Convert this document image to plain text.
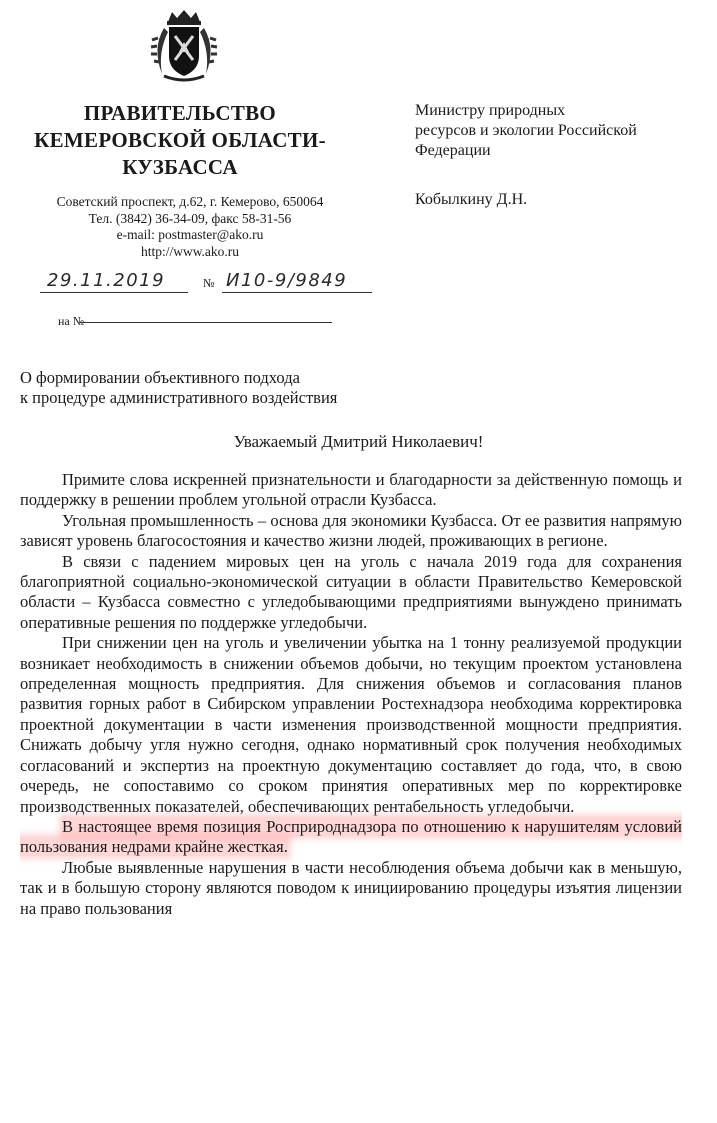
ПРАВИТЕЛЬСТВО
КЕМЕРОВСКОЙ ОБЛАСТИ-
КУЗБАССА
Советский проспект, д.62, г. Кемерово, 650064
Тел. (3842) 36-34-09, факс 58-31-56
e-mail: postmaster@ako.ru
http://www.ako.ru
Министру природных
ресурсов и экологии Российской
Федерации
Кобылкину Д.Н.
29.11.2019	№ И10-9/9849
на №
О формировании объективного подхода
к процедуре административного воздействия
Уважаемый Дмитрий Николаевич!

Примите слова искренней признательности и благодарности за действенную помощь и поддержку в решении проблем угольной отрасли Кузбасса.

Угольная промышленность – основа для экономики Кузбасса. От ее развития напрямую зависят уровень благосостояния и качество жизни людей, проживающих в регионе.

В связи с падением мировых цен на уголь с начала 2019 года для сохранения благоприятной социально-экономической ситуации в области Правительство Кемеровской области – Кузбасса совместно с угледобывающими предприятиями вынуждено принимать оперативные решения по поддержке угледобычи.

При снижении цен на уголь и увеличении убытка на 1 тонну реализуемой продукции возникает необходимость в снижении объемов добычи, но текущим проектом установлена определенная мощность предприятия. Для снижения объемов и согласования планов развития горных работ в Сибирском управлении Ростехнадзора необходима корректировка проектной документации в части изменения производственной мощности предприятия. Снижать добычу угля нужно сегодня, однако нормативный срок получения необходимых согласований и экспертиз на проектную документацию составляет до года, что, в свою очередь, не сопоставимо со сроком принятия оперативных мер по корректировке производственных показателей, обеспечивающих рентабельность угледобычи.

В настоящее время позиция Росприроднадзора по отношению к нарушителям условий пользования недрами крайне жесткая.

Любые выявленные нарушения в части несоблюдения объема добычи как в меньшую, так и в большую сторону являются поводом к инициированию процедуры изъятия лицензии на право пользования
